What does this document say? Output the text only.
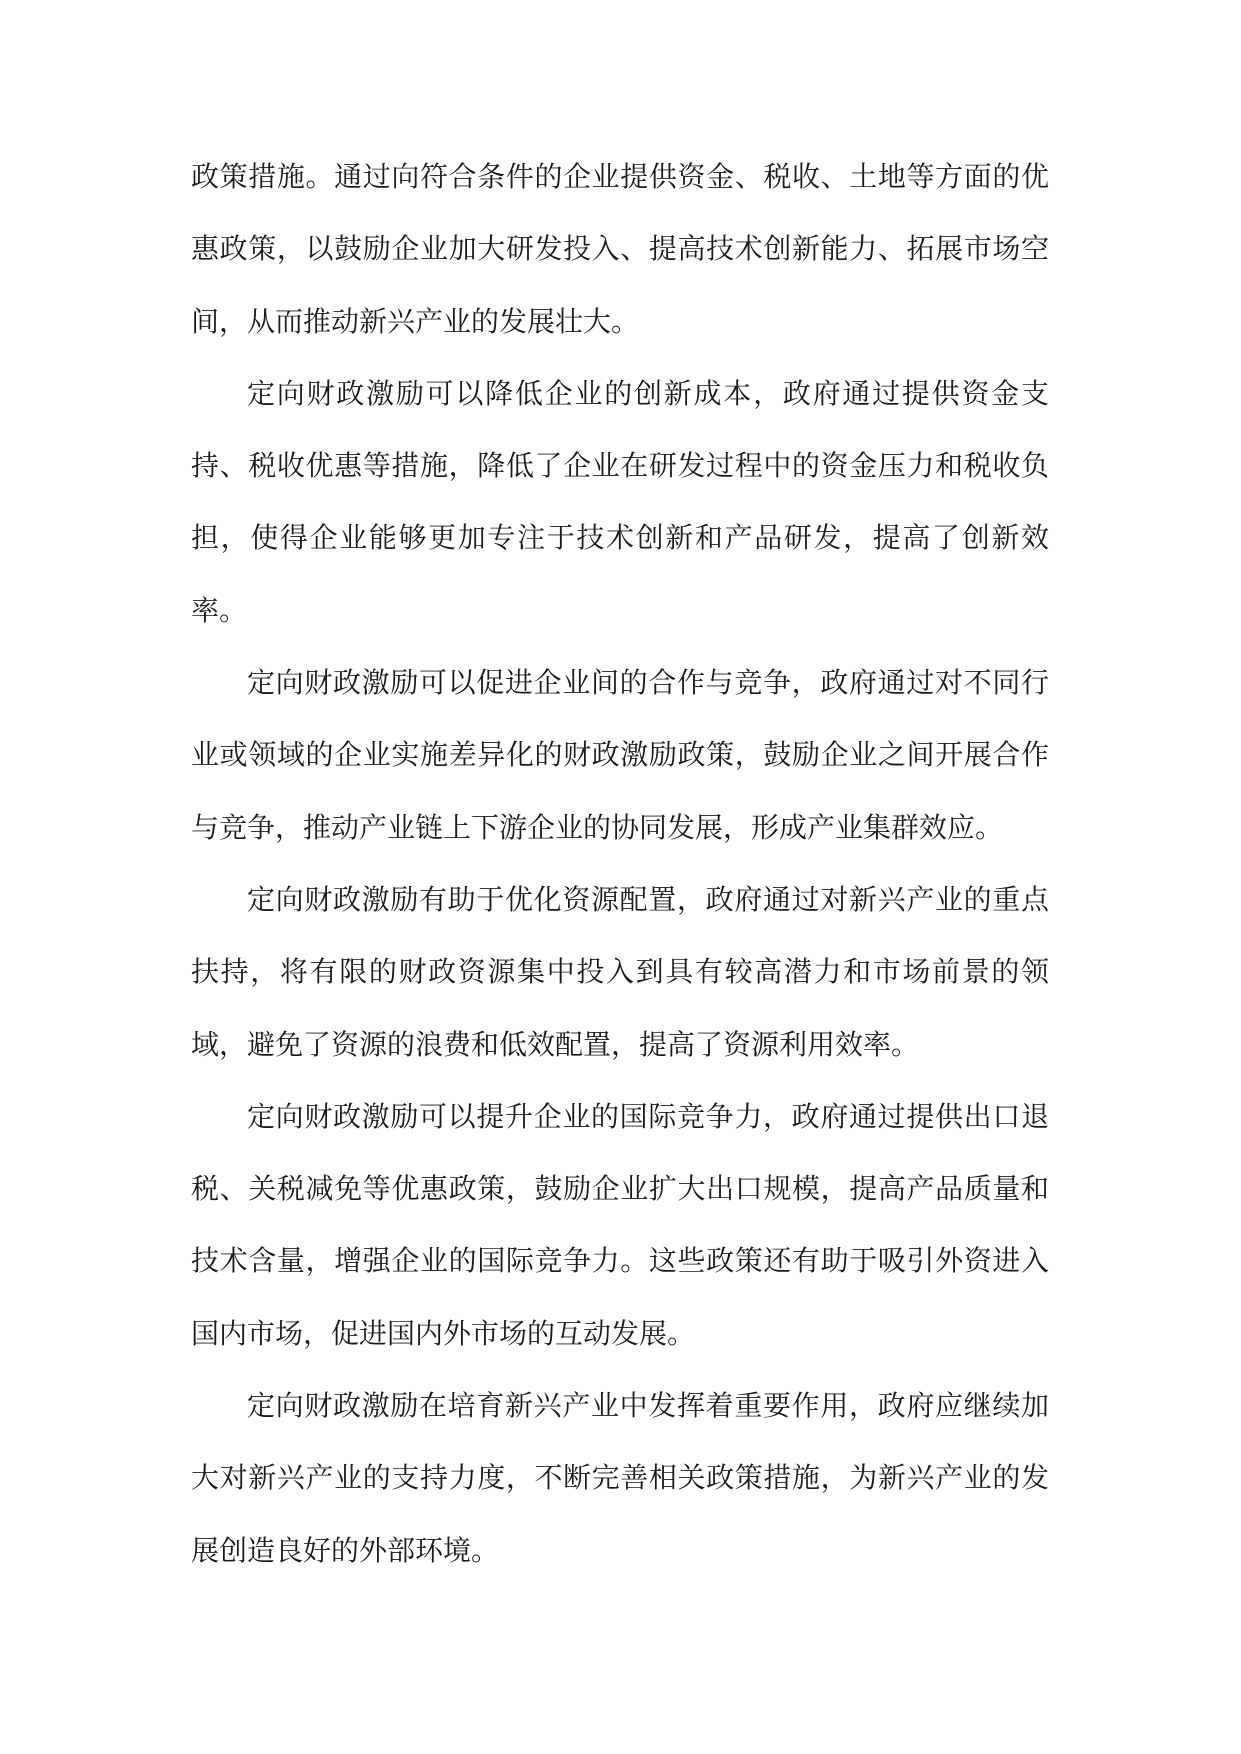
政策措施。通过向符合条件的企业提供资金、税收、土地等方面的优惠政策，以鼓励企业加大研发投入、提高技术创新能力、拓展市场空间，从而推动新兴产业的发展壮大。

定向财政激励可以降低企业的创新成本，政府通过提供资金支持、税收优惠等措施，降低了企业在研发过程中的资金压力和税收负担，使得企业能够更加专注于技术创新和产品研发，提高了创新效率。

定向财政激励可以促进企业间的合作与竞争，政府通过对不同行业或领域的企业实施差异化的财政激励政策，鼓励企业之间开展合作与竞争，推动产业链上下游企业的协同发展，形成产业集群效应。

定向财政激励有助于优化资源配置，政府通过对新兴产业的重点扶持，将有限的财政资源集中投入到具有较高潜力和市场前景的领域，避免了资源的浪费和低效配置，提高了资源利用效率。

定向财政激励可以提升企业的国际竞争力，政府通过提供出口退税、关税减免等优惠政策，鼓励企业扩大出口规模，提高产品质量和技术含量，增强企业的国际竞争力。这些政策还有助于吸引外资进入国内市场，促进国内外市场的互动发展。

定向财政激励在培育新兴产业中发挥着重要作用，政府应继续加大对新兴产业的支持力度，不断完善相关政策措施，为新兴产业的发展创造良好的外部环境。
